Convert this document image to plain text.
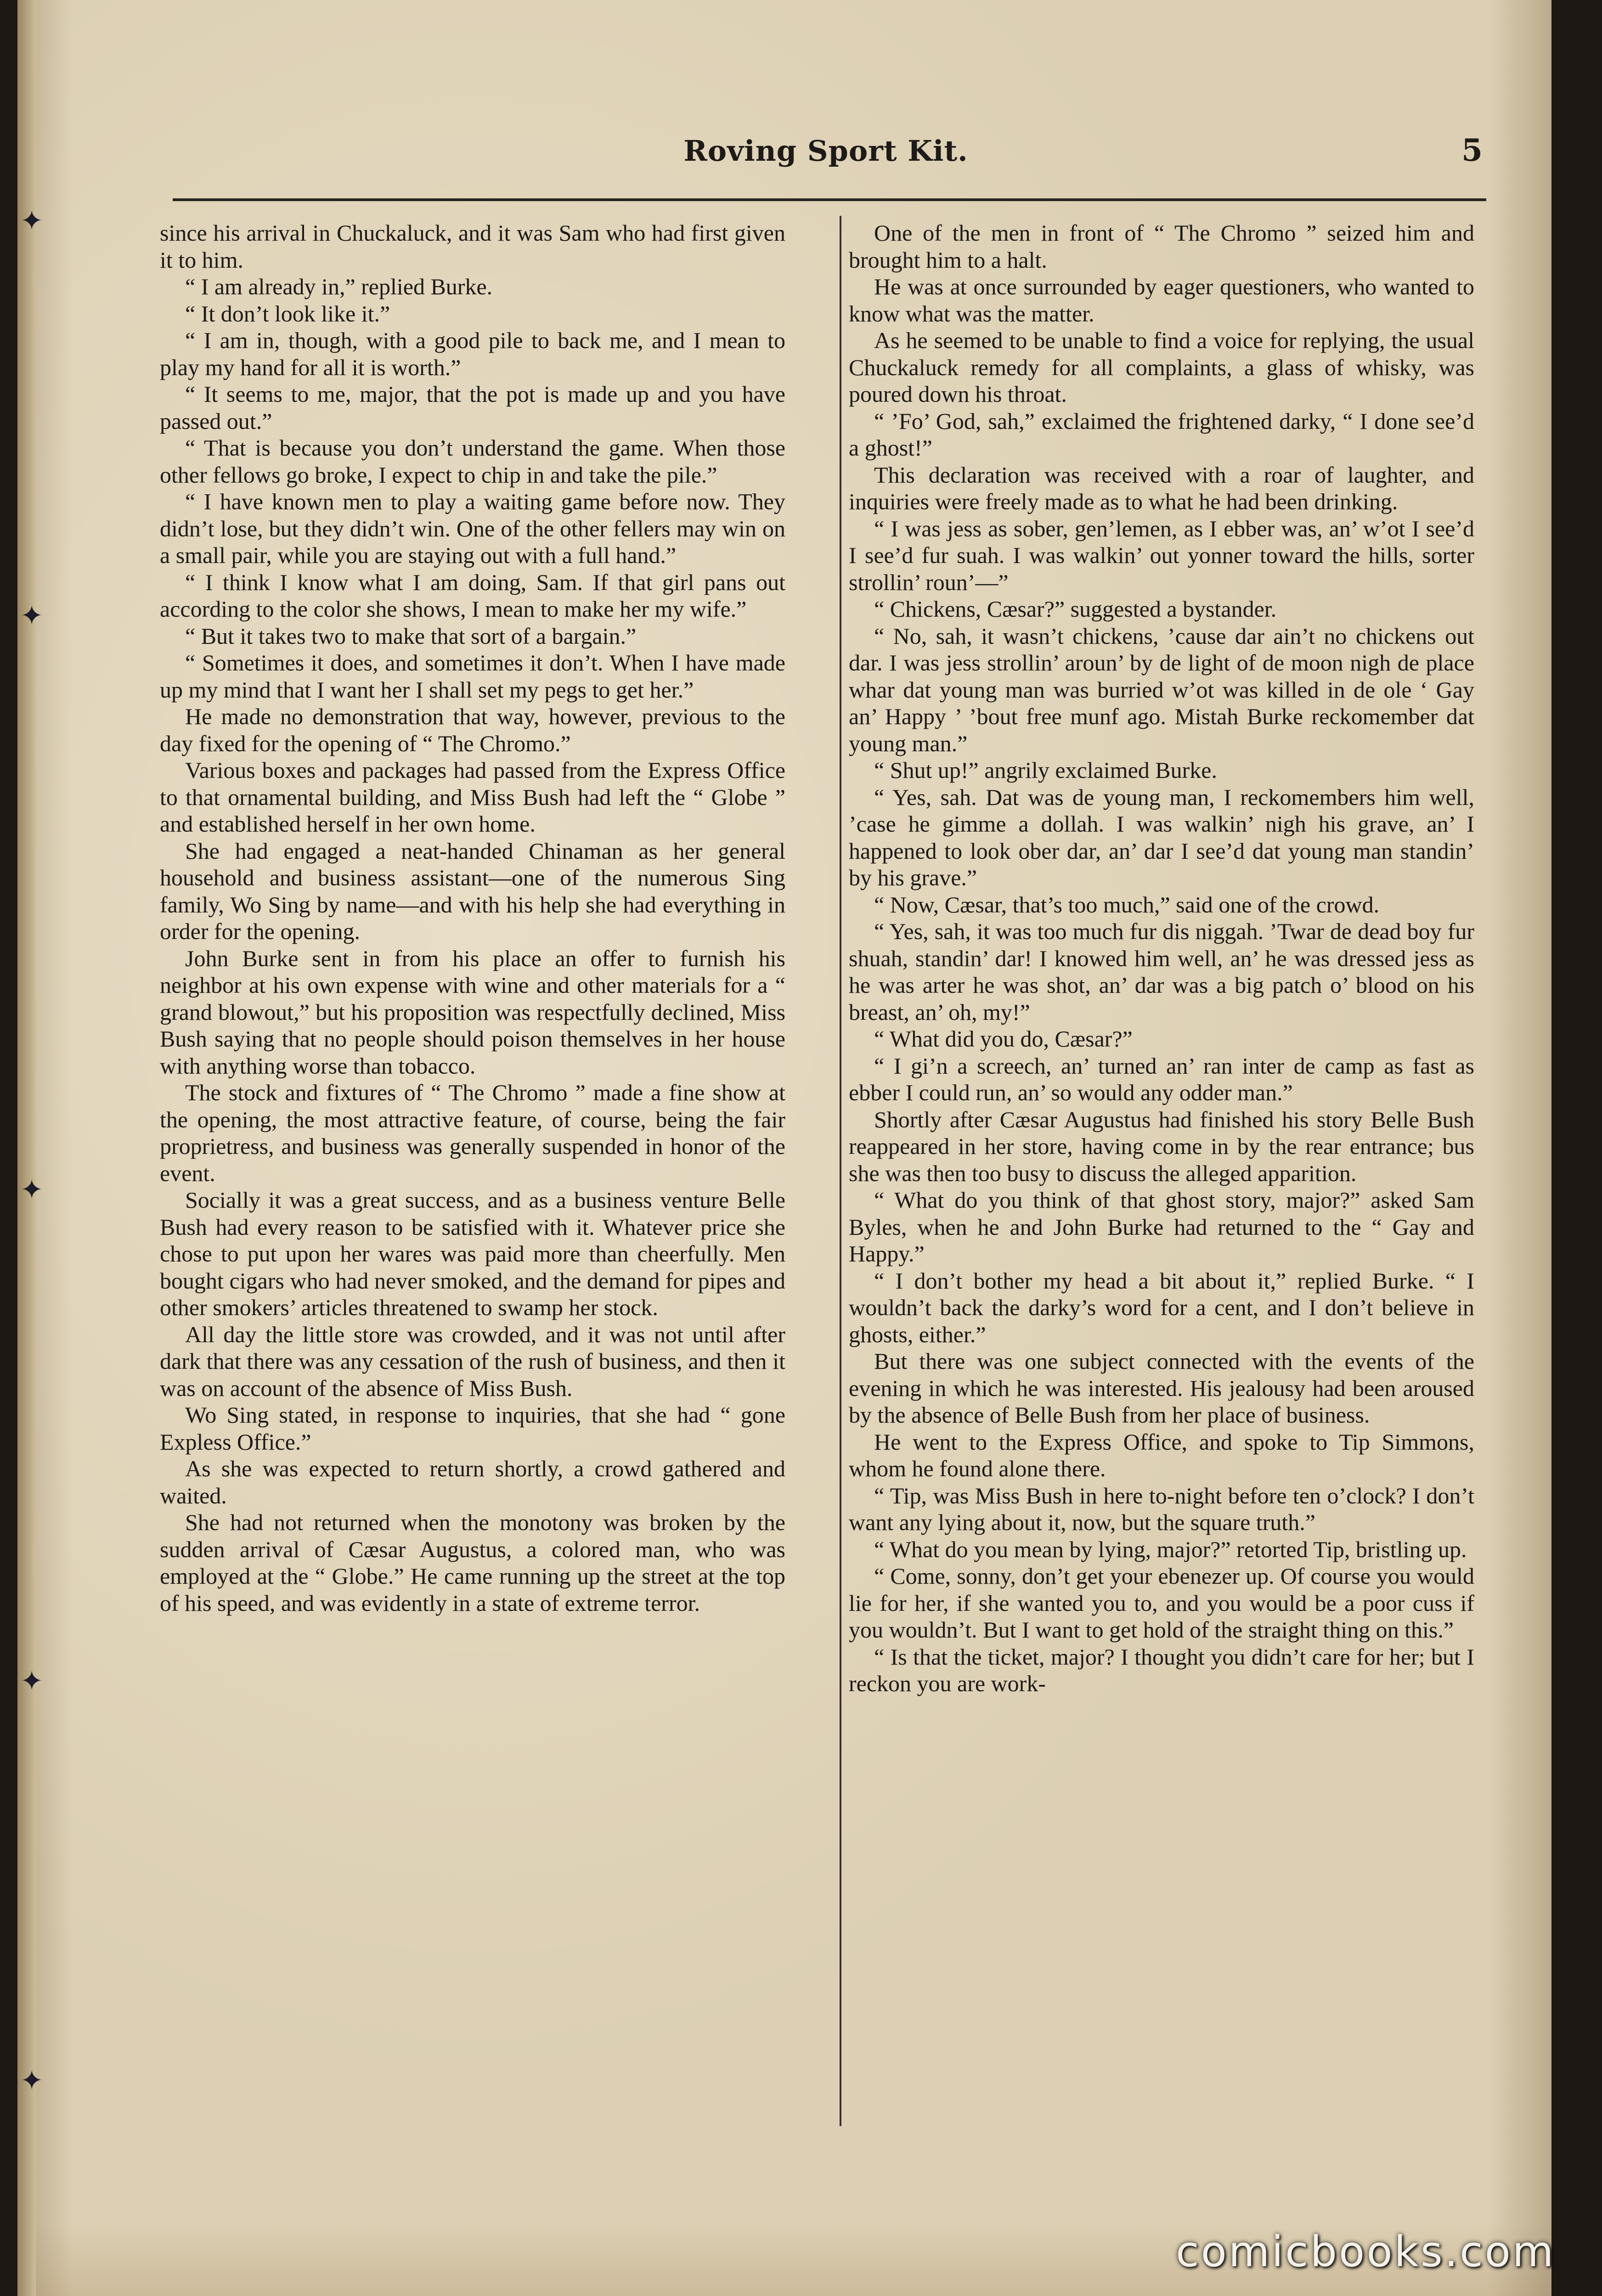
✦
✦
✦
✦
✦
Roving Sport Kit.	5

since his arrival in Chuckaluck, and it was Sam who had first given it to him.

“ I am already in,” replied Burke.

“ It don’t look like it.”

“ I am in, though, with a good pile to back me, and I mean to play my hand for all it is worth.”

“ It seems to me, major, that the pot is made up and you have passed out.”

“ That is because you don’t understand the game. When those other fellows go broke, I expect to chip in and take the pile.”

“ I have known men to play a waiting game before now. They didn’t lose, but they didn’t win. One of the other fellers may win on a small pair, while you are staying out with a full hand.”

“ I think I know what I am doing, Sam. If that girl pans out according to the color she shows, I mean to make her my wife.”

“ But it takes two to make that sort of a bargain.”

“ Sometimes it does, and sometimes it don’t. When I have made up my mind that I want her I shall set my pegs to get her.”

He made no demonstration that way, however, previous to the day fixed for the opening of “ The Chromo.”

Various boxes and packages had passed from the Express Office to that ornamental building, and Miss Bush had left the “ Globe ” and established herself in her own home.

She had engaged a neat-handed Chinaman as her general household and business assistant—one of the numerous Sing family, Wo Sing by name—and with his help she had everything in order for the opening.

John Burke sent in from his place an offer to furnish his neighbor at his own expense with wine and other materials for a “ grand blowout,” but his proposition was respectfully declined, Miss Bush saying that no people should poison themselves in her house with anything worse than tobacco.

The stock and fixtures of “ The Chromo ” made a fine show at the opening, the most attractive feature, of course, being the fair proprietress, and business was generally suspended in honor of the event.

Socially it was a great success, and as a business venture Belle Bush had every reason to be satisfied with it. Whatever price she chose to put upon her wares was paid more than cheerfully. Men bought cigars who had never smoked, and the demand for pipes and other smokers’ articles threatened to swamp her stock.

All day the little store was crowded, and it was not until after dark that there was any cessation of the rush of business, and then it was on account of the absence of Miss Bush.

Wo Sing stated, in response to inquiries, that she had “ gone Expless Office.”

As she was expected to return shortly, a crowd gathered and waited.

She had not returned when the monotony was broken by the sudden arrival of Cæsar Augustus, a colored man, who was employed at the “ Globe.” He came running up the street at the top of his speed, and was evidently in a state of extreme terror.

One of the men in front of “ The Chromo ” seized him and brought him to a halt.

He was at once surrounded by eager questioners, who wanted to know what was the matter.

As he seemed to be unable to find a voice for replying, the usual Chuckaluck remedy for all complaints, a glass of whisky, was poured down his throat.

“ ’Fo’ God, sah,” exclaimed the frightened darky, “ I done see’d a ghost!”

This declaration was received with a roar of laughter, and inquiries were freely made as to what he had been drinking.

“ I was jess as sober, gen’lemen, as I ebber was, an’ w’ot I see’d I see’d fur suah. I was walkin’ out yonner toward the hills, sorter strollin’ roun’—”

“ Chickens, Cæsar?” suggested a bystander.

“ No, sah, it wasn’t chickens, ’cause dar ain’t no chickens out dar. I was jess strollin’ aroun’ by de light of de moon nigh de place whar dat young man was burried w’ot was killed in de ole ‘ Gay an’ Happy ’ ’bout free munf ago. Mistah Burke reckomember dat young man.”

“ Shut up!” angrily exclaimed Burke.

“ Yes, sah. Dat was de young man, I reckomembers him well, ’case he gimme a dollah. I was walkin’ nigh his grave, an’ I happened to look ober dar, an’ dar I see’d dat young man standin’ by his grave.”

“ Now, Cæsar, that’s too much,” said one of the crowd.

“ Yes, sah, it was too much fur dis niggah. ’Twar de dead boy fur shuah, standin’ dar! I knowed him well, an’ he was dressed jess as he was arter he was shot, an’ dar was a big patch o’ blood on his breast, an’ oh, my!”

“ What did you do, Cæsar?”

“ I gi’n a screech, an’ turned an’ ran inter de camp as fast as ebber I could run, an’ so would any odder man.”

Shortly after Cæsar Augustus had finished his story Belle Bush reappeared in her store, having come in by the rear entrance; bus she was then too busy to discuss the alleged apparition.

“ What do you think of that ghost story, major?” asked Sam Byles, when he and John Burke had returned to the “ Gay and Happy.”

“ I don’t bother my head a bit about it,” replied Burke. “ I wouldn’t back the darky’s word for a cent, and I don’t believe in ghosts, either.”

But there was one subject connected with the events of the evening in which he was interested. His jealousy had been aroused by the absence of Belle Bush from her place of business.

He went to the Express Office, and spoke to Tip Simmons, whom he found alone there.

“ Tip, was Miss Bush in here to-night before ten o’clock? I don’t want any lying about it, now, but the square truth.”

“ What do you mean by lying, major?” retorted Tip, bristling up.

“ Come, sonny, don’t get your ebenezer up. Of course you would lie for her, if she wanted you to, and you would be a poor cuss if you wouldn’t. But I want to get hold of the straight thing on this.”

“ Is that the ticket, major? I thought you didn’t care for her; but I reckon you are work-

comicbooks.com
